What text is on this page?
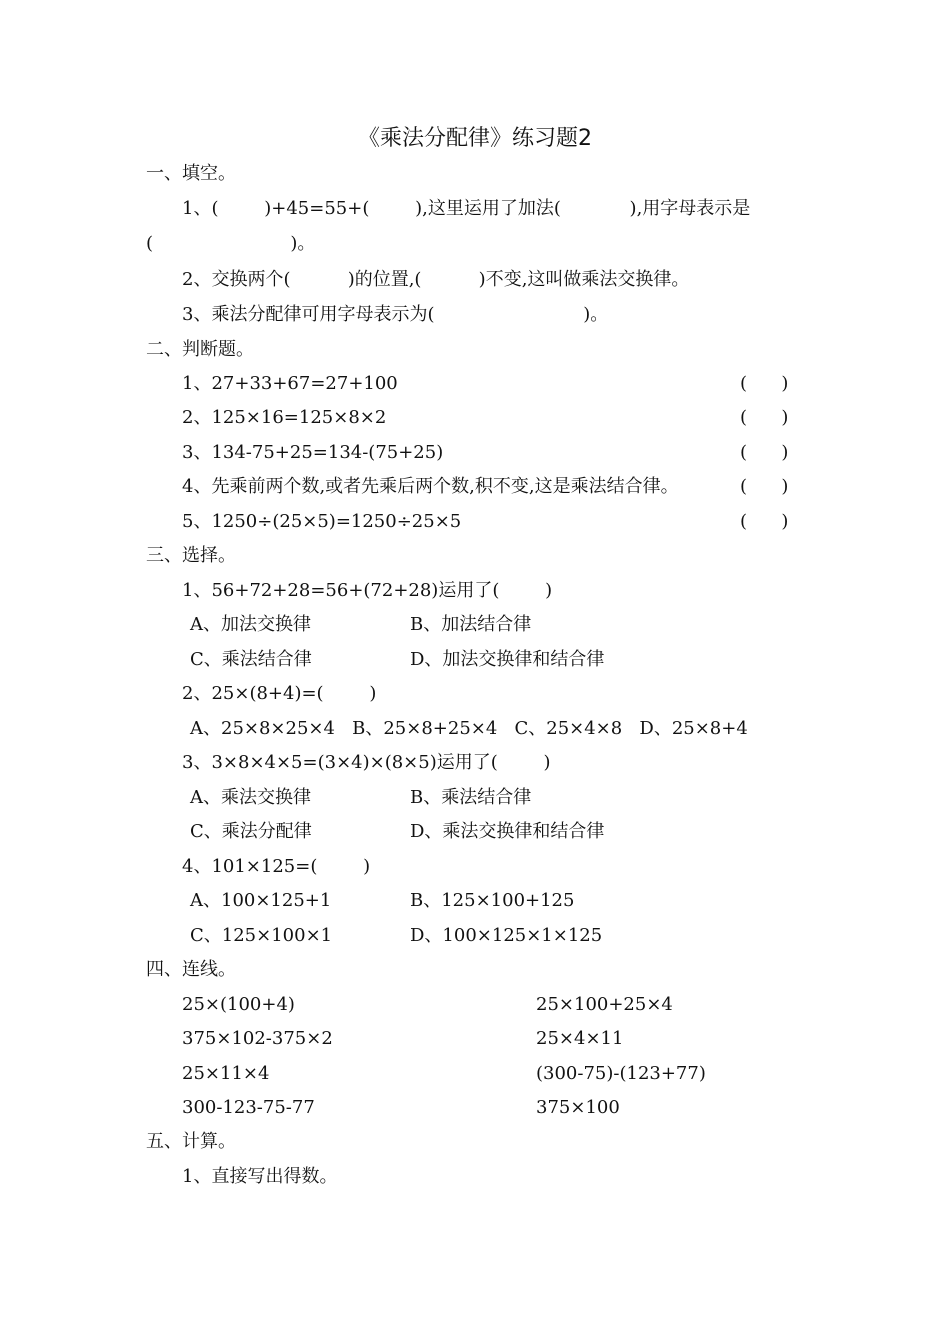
《乘法分配律》练习题2
一、填空。
1、(        )+45=55+(        ),这里运用了加法(            ),用字母表示是
(                        )。
2、交换两个(          )的位置,(          )不变,这叫做乘法交换律。
3、乘法分配律可用字母表示为(                          )。
二、判断题。
1、27+33+67=27+100	(      )
2、125×16=125×8×2	(      )
3、134-75+25=134-(75+25)	(      )
4、先乘前两个数,或者先乘后两个数,积不变,这是乘法结合律。	(      )
5、1250÷(25×5)=1250÷25×5	(      )
三、选择。
1、56+72+28=56+(72+28)运用了(        )
A、加法交换律	B、加法结合律
C、乘法结合律	D、加法交换律和结合律
2、25×(8+4)=(        )
A、25×8×25×4   B、25×8+25×4   C、25×4×8   D、25×8+4
3、3×8×4×5=(3×4)×(8×5)运用了(        )
A、乘法交换律	B、乘法结合律
C、乘法分配律	D、乘法交换律和结合律
4、101×125=(        )
A、100×125+1	B、125×100+125
C、125×100×1	D、100×125×1×125
四、连线。
25×(100+4)	25×100+25×4
375×102-375×2	25×4×11
25×11×4	(300-75)-(123+77)
300-123-75-77	375×100
五、计算。
1、直接写出得数。
